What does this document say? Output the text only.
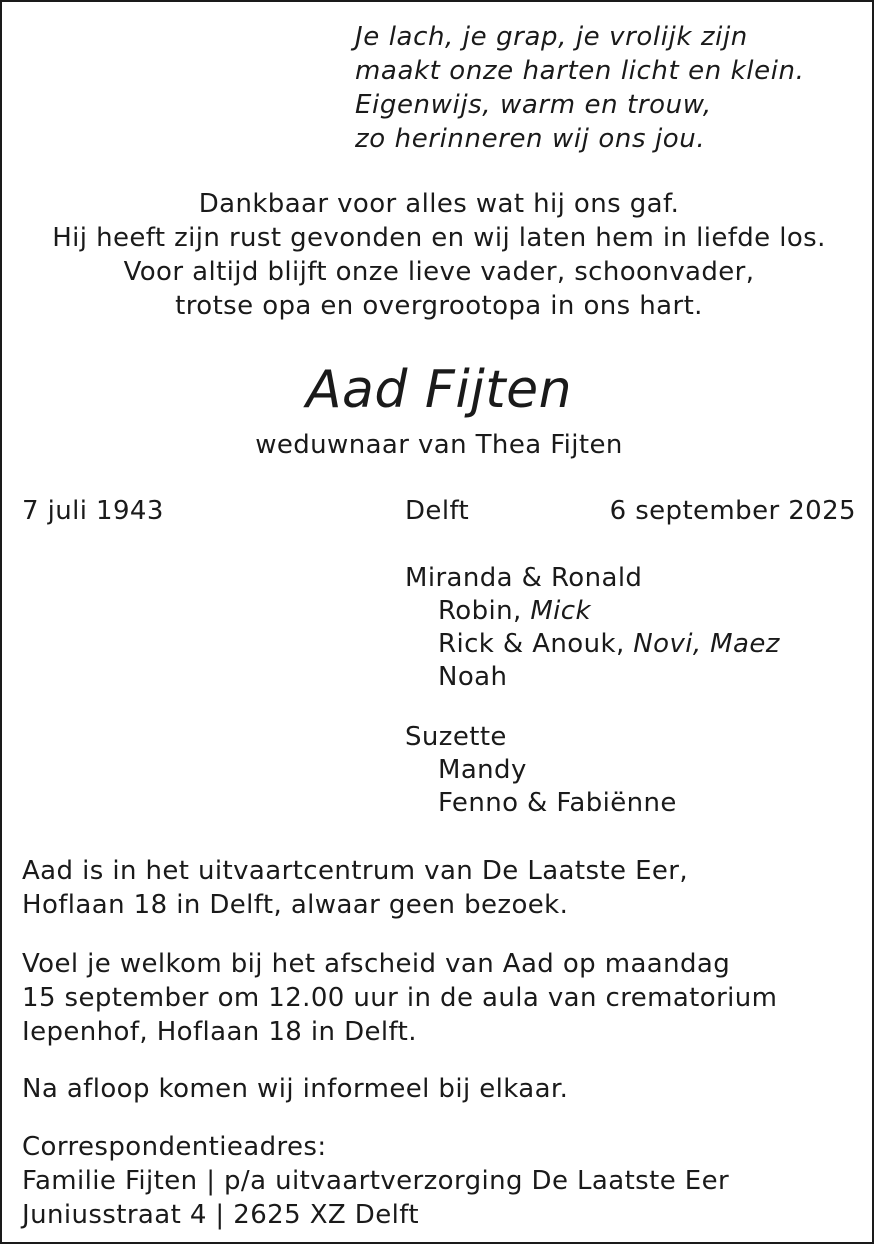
Je lach, je grap, je vrolijk zijn
maakt onze harten licht en klein.
Eigenwijs, warm en trouw,
zo herinneren wij ons jou.
Dankbaar voor alles wat hij ons gaf.
Hij heeft zijn rust gevonden en wij laten hem in liefde los.
Voor altijd blijft onze lieve vader, schoonvader,
trotse opa en overgrootopa in ons hart.
Aad Fijten
weduwnaar van Thea Fijten
7 juli 1943	Delft	6 september 2025
Miranda & Ronald
Robin, Mick
Rick & Anouk, Novi, Maez
Noah
Suzette
Mandy
Fenno & Fabiënne
Aad is in het uitvaartcentrum van De Laatste Eer,
Hoflaan 18 in Delft, alwaar geen bezoek.
Voel je welkom bij het afscheid van Aad op maandag
15 september om 12.00 uur in de aula van crematorium
Iepenhof, Hoflaan 18 in Delft.
Na afloop komen wij informeel bij elkaar.
Correspondentieadres:
Familie Fijten | p/a uitvaartverzorging De Laatste Eer
Juniusstraat 4 | 2625 XZ Delft
